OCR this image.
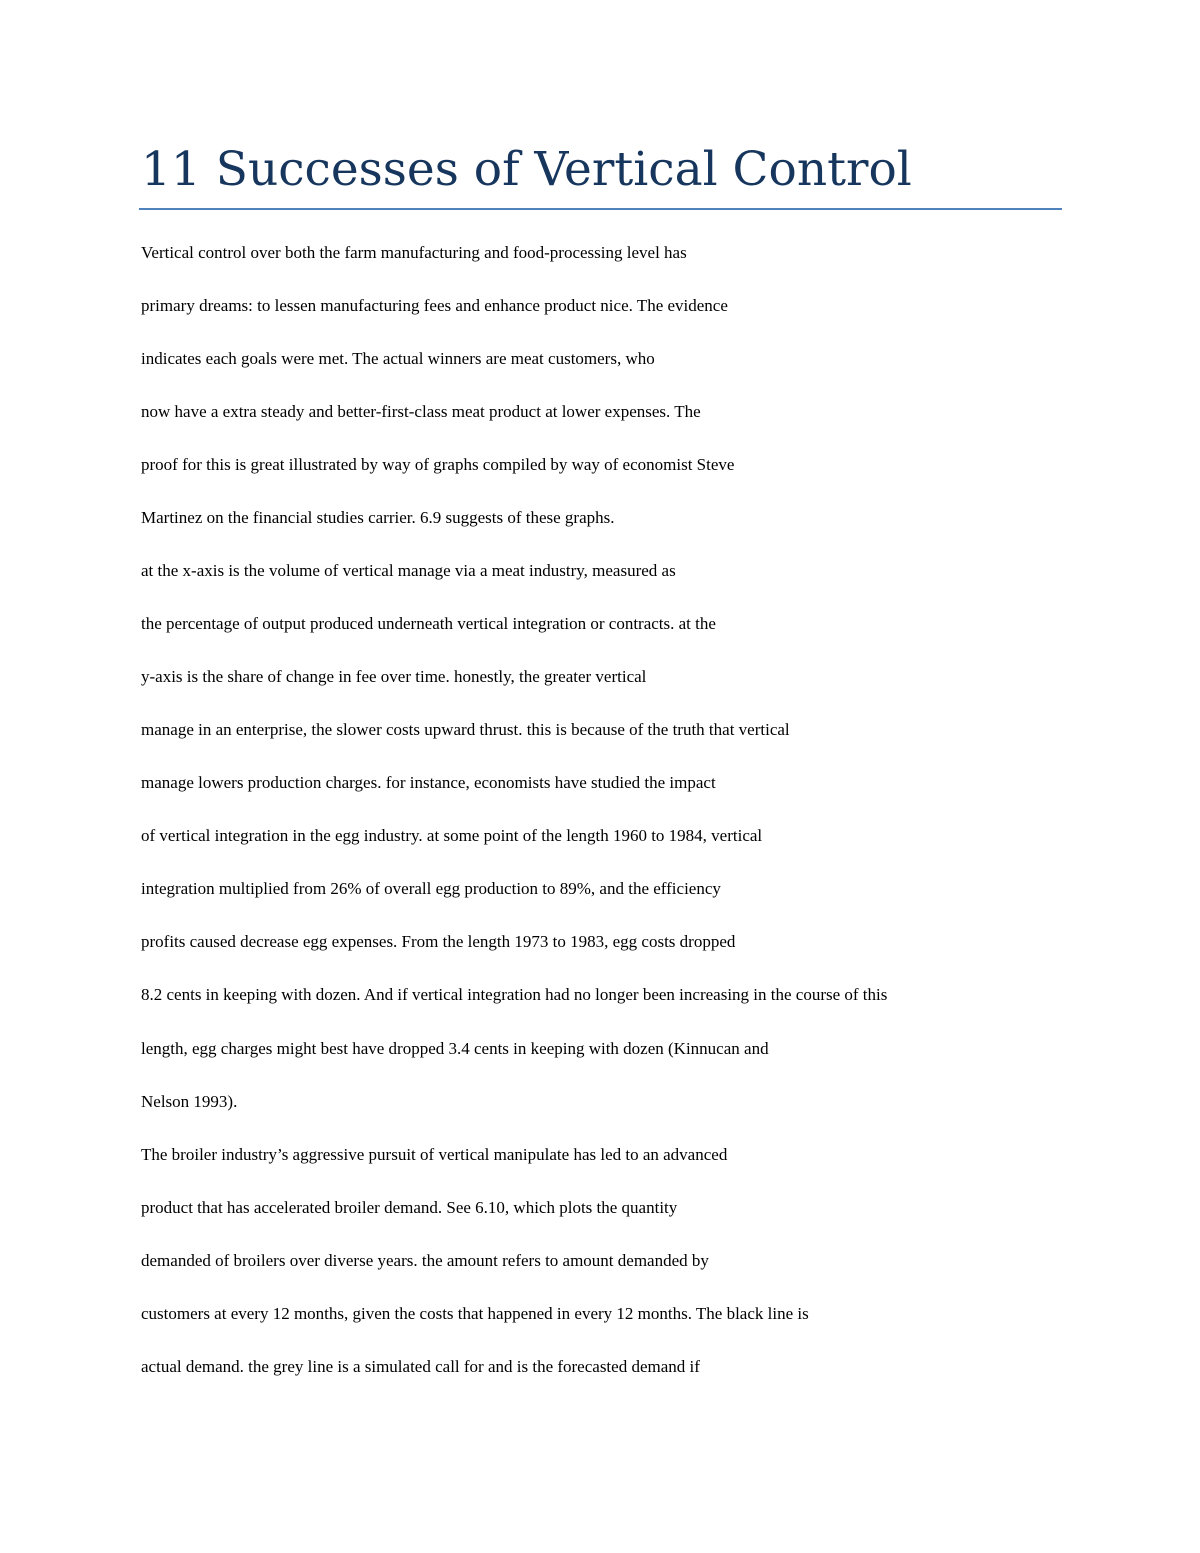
11 Successes of Vertical Control

Vertical control over both the farm manufacturing and food-processing level has

primary dreams: to lessen manufacturing fees and enhance product nice. The evidence

indicates each goals were met. The actual winners are meat customers, who

now have a extra steady and better-first-class meat product at lower expenses. The

proof for this is great illustrated by way of graphs compiled by way of economist Steve

Martinez on the financial studies carrier. 6.9 suggests of these graphs.

at the x-axis is the volume of vertical manage via a meat industry, measured as

the percentage of output produced underneath vertical integration or contracts. at the

y-axis is the share of change in fee over time. honestly, the greater vertical

manage in an enterprise, the slower costs upward thrust. this is because of the truth that vertical

manage lowers production charges. for instance, economists have studied the impact

of vertical integration in the egg industry. at some point of the length 1960 to 1984, vertical

integration multiplied from 26% of overall egg production to 89%, and the efficiency

profits caused decrease egg expenses. From the length 1973 to 1983, egg costs dropped

8.2 cents in keeping with dozen. And if vertical integration had no longer been increasing in the course of this

length, egg charges might best have dropped 3.4 cents in keeping with dozen (Kinnucan and

Nelson 1993).

The broiler industry’s aggressive pursuit of vertical manipulate has led to an advanced

product that has accelerated broiler demand. See 6.10, which plots the quantity

demanded of broilers over diverse years. the amount refers to amount demanded by

customers at every 12 months, given the costs that happened in every 12 months. The black line is

actual demand. the grey line is a simulated call for and is the forecasted demand if
